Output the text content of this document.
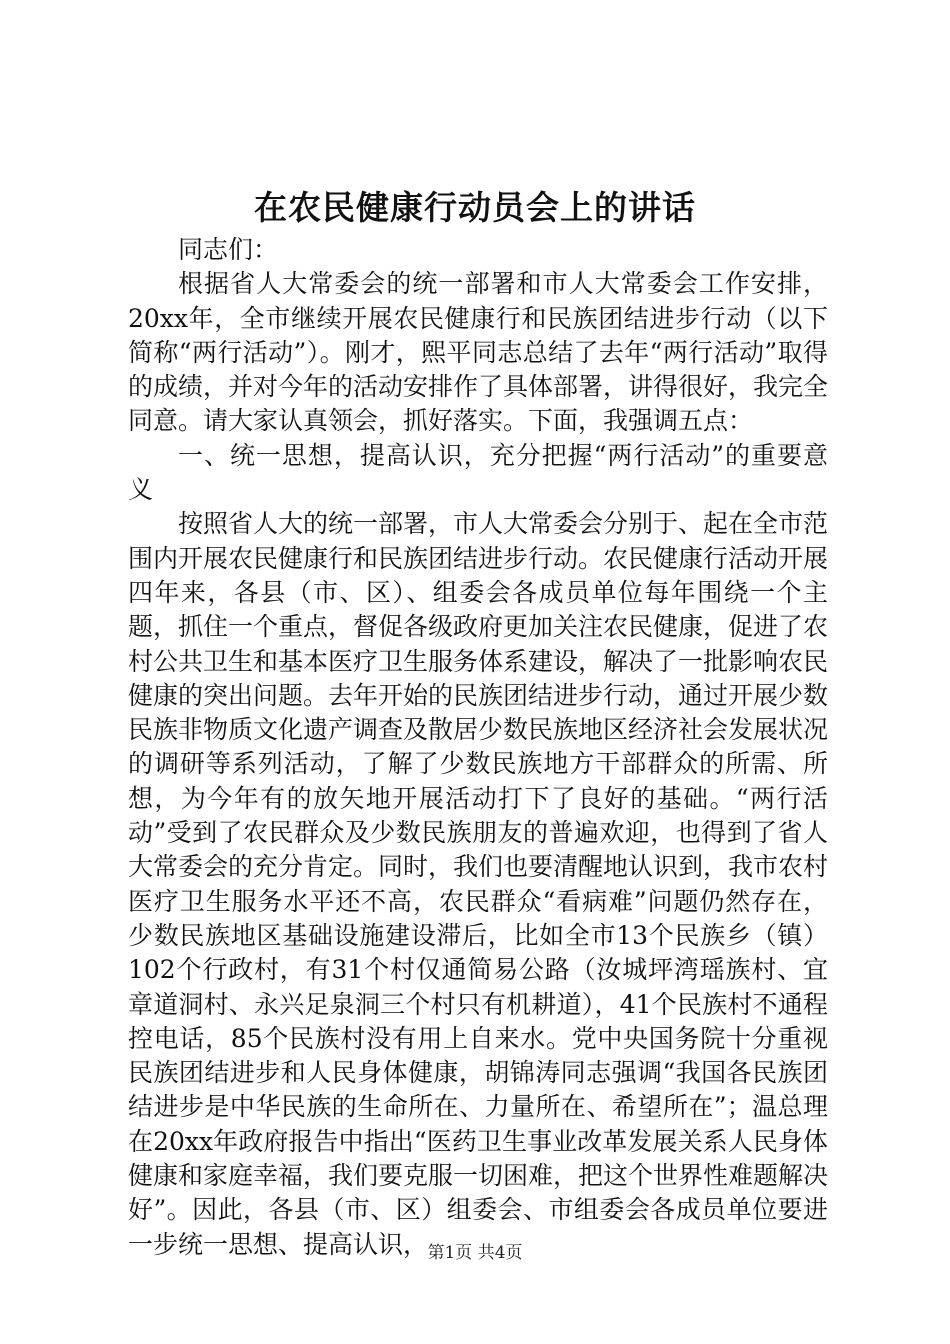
在农民健康行动员会上的讲话

同志们：

根据省人大常委会的统一部署和市人大常委会工作安排，20xx年，全市继续开展农民健康行和民族团结进步行动（以下简称“两行活动”）。刚才，熙平同志总结了去年“两行活动”取得的成绩，并对今年的活动安排作了具体部署，讲得很好，我完全同意。请大家认真领会，抓好落实。下面，我强调五点：

一、统一思想，提高认识，充分把握“两行活动”的重要意义

按照省人大的统一部署，市人大常委会分别于、起在全市范围内开展农民健康行和民族团结进步行动。农民健康行活动开展四年来，各县（市、区）、组委会各成员单位每年围绕一个主题，抓住一个重点，督促各级政府更加关注农民健康，促进了农村公共卫生和基本医疗卫生服务体系建设，解决了一批影响农民健康的突出问题。去年开始的民族团结进步行动，通过开展少数民族非物质文化遗产调查及散居少数民族地区经济社会发展状况的调研等系列活动，了解了少数民族地方干部群众的所需、所想，为今年有的放矢地开展活动打下了良好的基础。“两行活动”受到了农民群众及少数民族朋友的普遍欢迎，也得到了省人大常委会的充分肯定。同时，我们也要清醒地认识到，我市农村医疗卫生服务水平还不高，农民群众“看病难”问题仍然存在，少数民族地区基础设施建设滞后，比如全市13个民族乡（镇）102个行政村，有31个村仅通简易公路（汝城坪湾瑶族村、宜章道洞村、永兴足泉洞三个村只有机耕道），41个民族村不通程控电话，85个民族村没有用上自来水。党中央国务院十分重视民族团结进步和人民身体健康，胡锦涛同志强调“我国各民族团结进步是中华民族的生命所在、力量所在、希望所在”；温总理在20xx年政府报告中指出“医药卫生事业改革发展关系人民身体健康和家庭幸福，我们要克服一切困难，把这个世界性难题解决好”。因此，各县（市、区）组委会、市组委会各成员单位要进一步统一思想、提高认识， 第1页 共4页
